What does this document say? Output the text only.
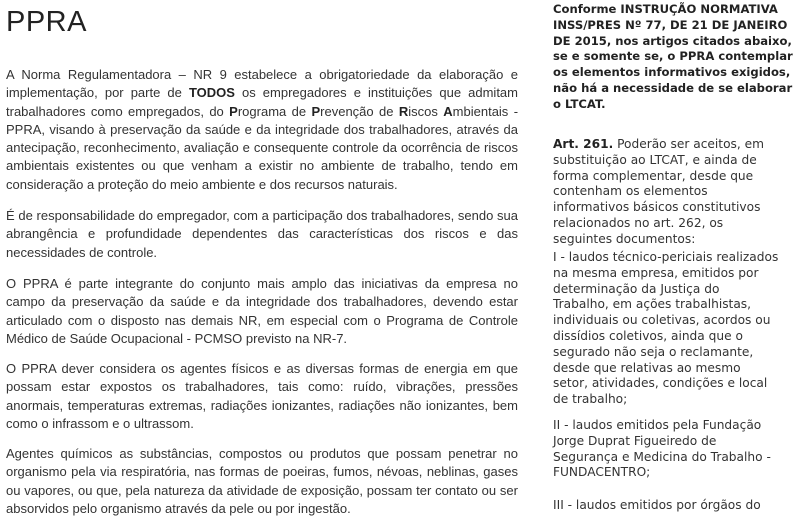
PPRA

A Norma Regulamentadora – NR 9 estabelece a obrigatoriedade da elaboração e implementação, por parte de TODOS os empregadores e instituições que admitam trabalhadores como empregados, do Programa de Prevenção de Riscos Ambientais - PPRA, visando à preservação da saúde e da integridade dos trabalhadores, através da antecipação, reconhecimento, avaliação e consequente controle da ocorrência de riscos ambientais existentes ou que venham a existir no ambiente de trabalho, tendo em consideração a proteção do meio ambiente e dos recursos naturais.

É de responsabilidade do empregador, com a participação dos trabalhadores, sendo sua abrangência e profundidade dependentes das características dos riscos e das necessidades de controle.

O PPRA é parte integrante do conjunto mais amplo das iniciativas da empresa no campo da preservação da saúde e da integridade dos trabalhadores, devendo estar articulado com o disposto nas demais NR, em especial com o Programa de Controle Médico de Saúde Ocupacional - PCMSO previsto na NR-7.

O PPRA dever considera os agentes físicos e as diversas formas de energia em que possam estar expostos os trabalhadores, tais como: ruído, vibrações, pressões anormais, temperaturas extremas, radiações ionizantes, radiações não ionizantes, bem como o infrassom e o ultrassom.

Agentes químicos as substâncias, compostos ou produtos que possam penetrar no organismo pela via respiratória, nas formas de poeiras, fumos, névoas, neblinas, gases ou vapores, ou que, pela natureza da atividade de exposição, possam ter contato ou ser absorvidos pelo organismo através da pele ou por ingestão.

Conforme INSTRUÇÃO NORMATIVA INSS/PRES Nº 77, DE 21 DE JANEIRO DE 2015, nos artigos citados abaixo, se e somente se, o PPRA contemplar os elementos informativos exigidos, não há a necessidade de se elaborar o LTCAT.

Art. 261. Poderão ser aceitos, em substituição ao LTCAT, e ainda de forma complementar, desde que contenham os elementos informativos básicos constitutivos relacionados no art. 262, os seguintes documentos:

I - laudos técnico-periciais realizados na mesma empresa, emitidos por determinação da Justiça do Trabalho, em ações trabalhistas, individuais ou coletivas, acordos ou dissídios coletivos, ainda que o segurado não seja o reclamante, desde que relativas ao mesmo setor, atividades, condições e local de trabalho;

II - laudos emitidos pela Fundação Jorge Duprat Figueiredo de Segurança e Medicina do Trabalho - FUNDACENTRO;

III - laudos emitidos por órgãos do
